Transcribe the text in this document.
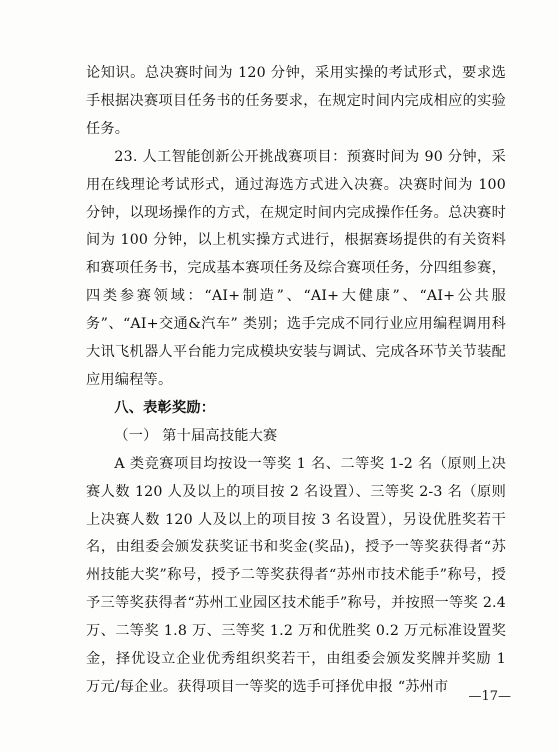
论知识。总决赛时间为 120 分钟，采用实操的考试形式，要求选手根据决赛项目任务书的任务要求，在规定时间内完成相应的实验任务。

23. 人工智能创新公开挑战赛项目：预赛时间为 90 分钟，采用在线理论考试形式，通过海选方式进入决赛。决赛时间为 100 分钟，以现场操作的方式，在规定时间内完成操作任务。总决赛时间为 100 分钟，以上机实操方式进行，根据赛场提供的有关资料和赛项任务书，完成基本赛项任务及综合赛项任务，分四组参赛，四类参赛领域：“AI+制造”、“AI+大健康”、“AI+公共服务”、“AI+交通&汽车” 类别；选手完成不同行业应用编程调用科大讯飞机器人平台能力完成模块安装与调试、完成各环节关节装配应用编程等。

八、表彰奖励：

（一） 第十届高技能大赛

A 类竞赛项目均按设一等奖 1 名、二等奖 1-2 名（原则上决赛人数 120 人及以上的项目按 2 名设置）、三等奖 2-3 名（原则上决赛人数 120 人及以上的项目按 3 名设置），另设优胜奖若干名，由组委会颁发获奖证书和奖金(奖品)，授予一等奖获得者“苏州技能大奖”称号，授予二等奖获得者“苏州市技术能手”称号，授予三等奖获得者“苏州工业园区技术能手”称号，并按照一等奖 2.4 万、二等奖 1.8 万、三等奖 1.2 万和优胜奖 0.2 万元标准设置奖金，择优设立企业优秀组织奖若干，由组委会颁发奖牌并奖励 1 万元/每企业。获得项目一等奖的选手可择优申报 “苏州市

—17—
